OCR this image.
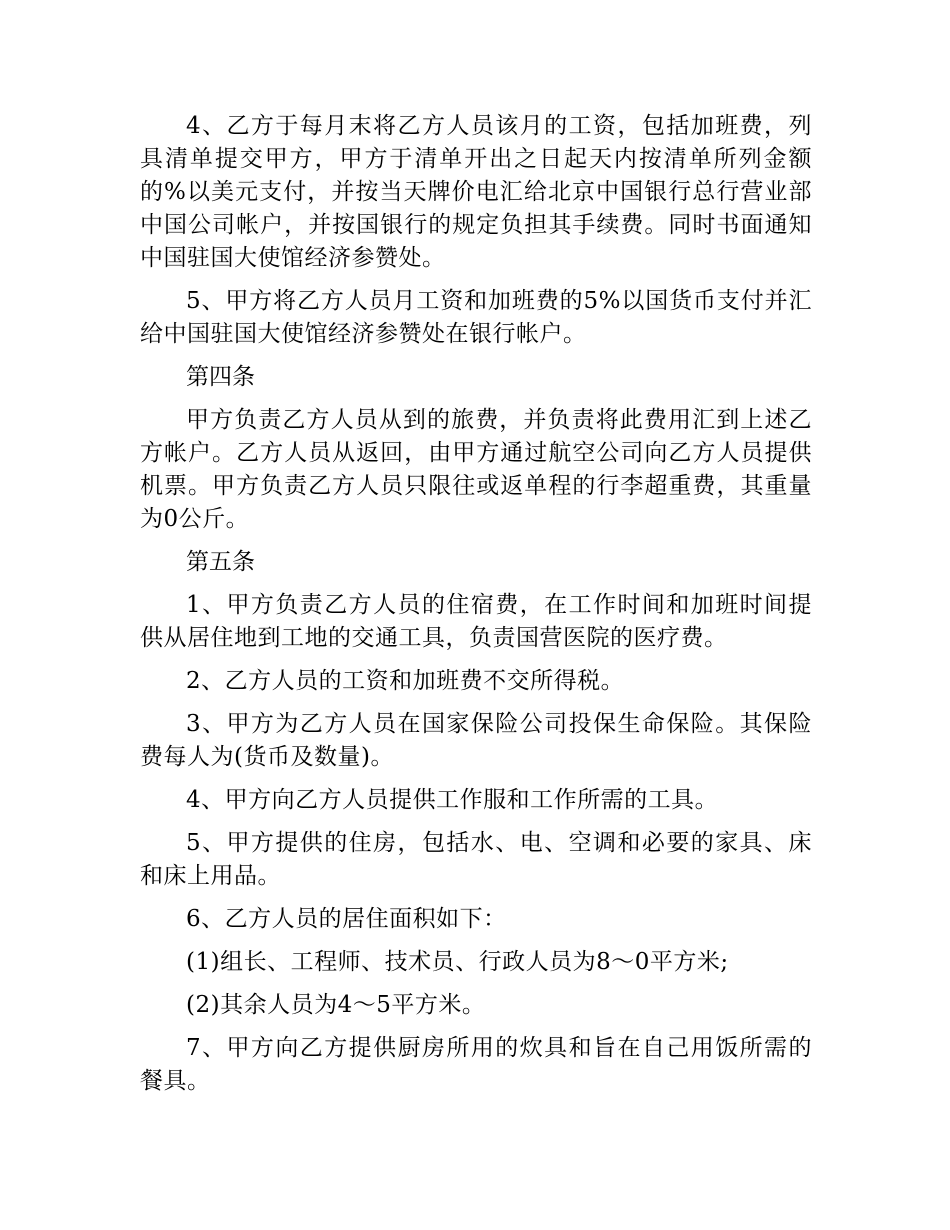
4、乙方于每月末将乙方人员该月的工资，包括加班费，列具清单提交甲方，甲方于清单开出之日起天内按清单所列金额的%以美元支付，并按当天牌价电汇给北京中国银行总行营业部中国公司帐户，并按国银行的规定负担其手续费。同时书面通知中国驻国大使馆经济参赞处。

5、甲方将乙方人员月工资和加班费的5%以国货币支付并汇给中国驻国大使馆经济参赞处在银行帐户。

第四条

甲方负责乙方人员从到的旅费，并负责将此费用汇到上述乙方帐户。乙方人员从返回，由甲方通过航空公司向乙方人员提供机票。甲方负责乙方人员只限往或返单程的行李超重费，其重量为0公斤。

第五条

1、甲方负责乙方人员的住宿费，在工作时间和加班时间提供从居住地到工地的交通工具，负责国营医院的医疗费。

2、乙方人员的工资和加班费不交所得税。

3、甲方为乙方人员在国家保险公司投保生命保险。其保险费每人为(货币及数量)。

4、甲方向乙方人员提供工作服和工作所需的工具。

5、甲方提供的住房，包括水、电、空调和必要的家具、床和床上用品。

6、乙方人员的居住面积如下：

(1)组长、工程师、技术员、行政人员为8～0平方米;

(2)其余人员为4～5平方米。

7、甲方向乙方提供厨房所用的炊具和旨在自己用饭所需的餐具。
